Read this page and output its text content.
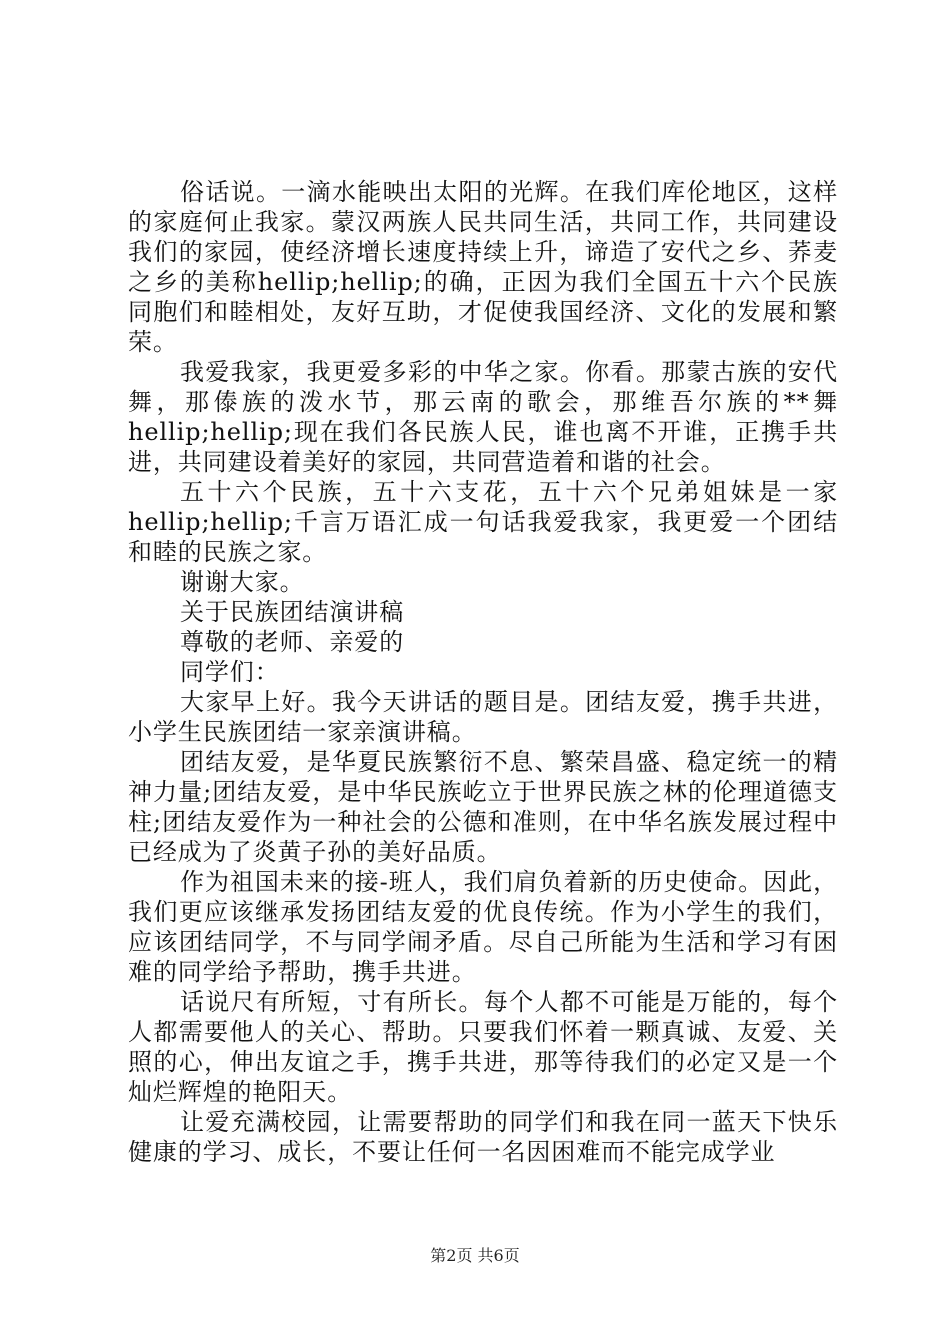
俗话说。一滴水能映出太阳的光辉。在我们库伦地区，这样的家庭何止我家。蒙汉两族人民共同生活，共同工作，共同建设我们的家园，使经济增长速度持续上升，谛造了安代之乡、荞麦之乡的美称hellip;hellip;的确，正因为我们全国五十六个民族同胞们和睦相处，友好互助，才促使我国经济、文化的发展和繁荣。

我爱我家，我更爱多彩的中华之家。你看。那蒙古族的安代舞，那傣族的泼水节，那云南的歌会，那维吾尔族的**舞hellip;hellip;现在我们各民族人民，谁也离不开谁，正携手共进，共同建设着美好的家园，共同营造着和谐的社会。

五十六个民族，五十六支花，五十六个兄弟姐妹是一家hellip;hellip;千言万语汇成一句话我爱我家，我更爱一个团结和睦的民族之家。

谢谢大家。

关于民族团结演讲稿

尊敬的老师、亲爱的

同学们：

大家早上好。我今天讲话的题目是。团结友爱，携手共进，小学生民族团结一家亲演讲稿。

团结友爱，是华夏民族繁衍不息、繁荣昌盛、稳定统一的精神力量;团结友爱，是中华民族屹立于世界民族之林的伦理道德支柱;团结友爱作为一种社会的公德和准则，在中华名族发展过程中已经成为了炎黄子孙的美好品质。

作为祖国未来的接-班人，我们肩负着新的历史使命。因此，我们更应该继承发扬团结友爱的优良传统。作为小学生的我们，应该团结同学，不与同学闹矛盾。尽自己所能为生活和学习有困难的同学给予帮助，携手共进。

话说尺有所短，寸有所长。每个人都不可能是万能的，每个人都需要他人的关心、帮助。只要我们怀着一颗真诚、友爱、关照的心，伸出友谊之手，携手共进，那等待我们的必定又是一个灿烂辉煌的艳阳天。

让爱充满校园，让需要帮助的同学们和我在同一蓝天下快乐健康的学习、成长，不要让任何一名因困难而不能完成学业

第2页 共6页
